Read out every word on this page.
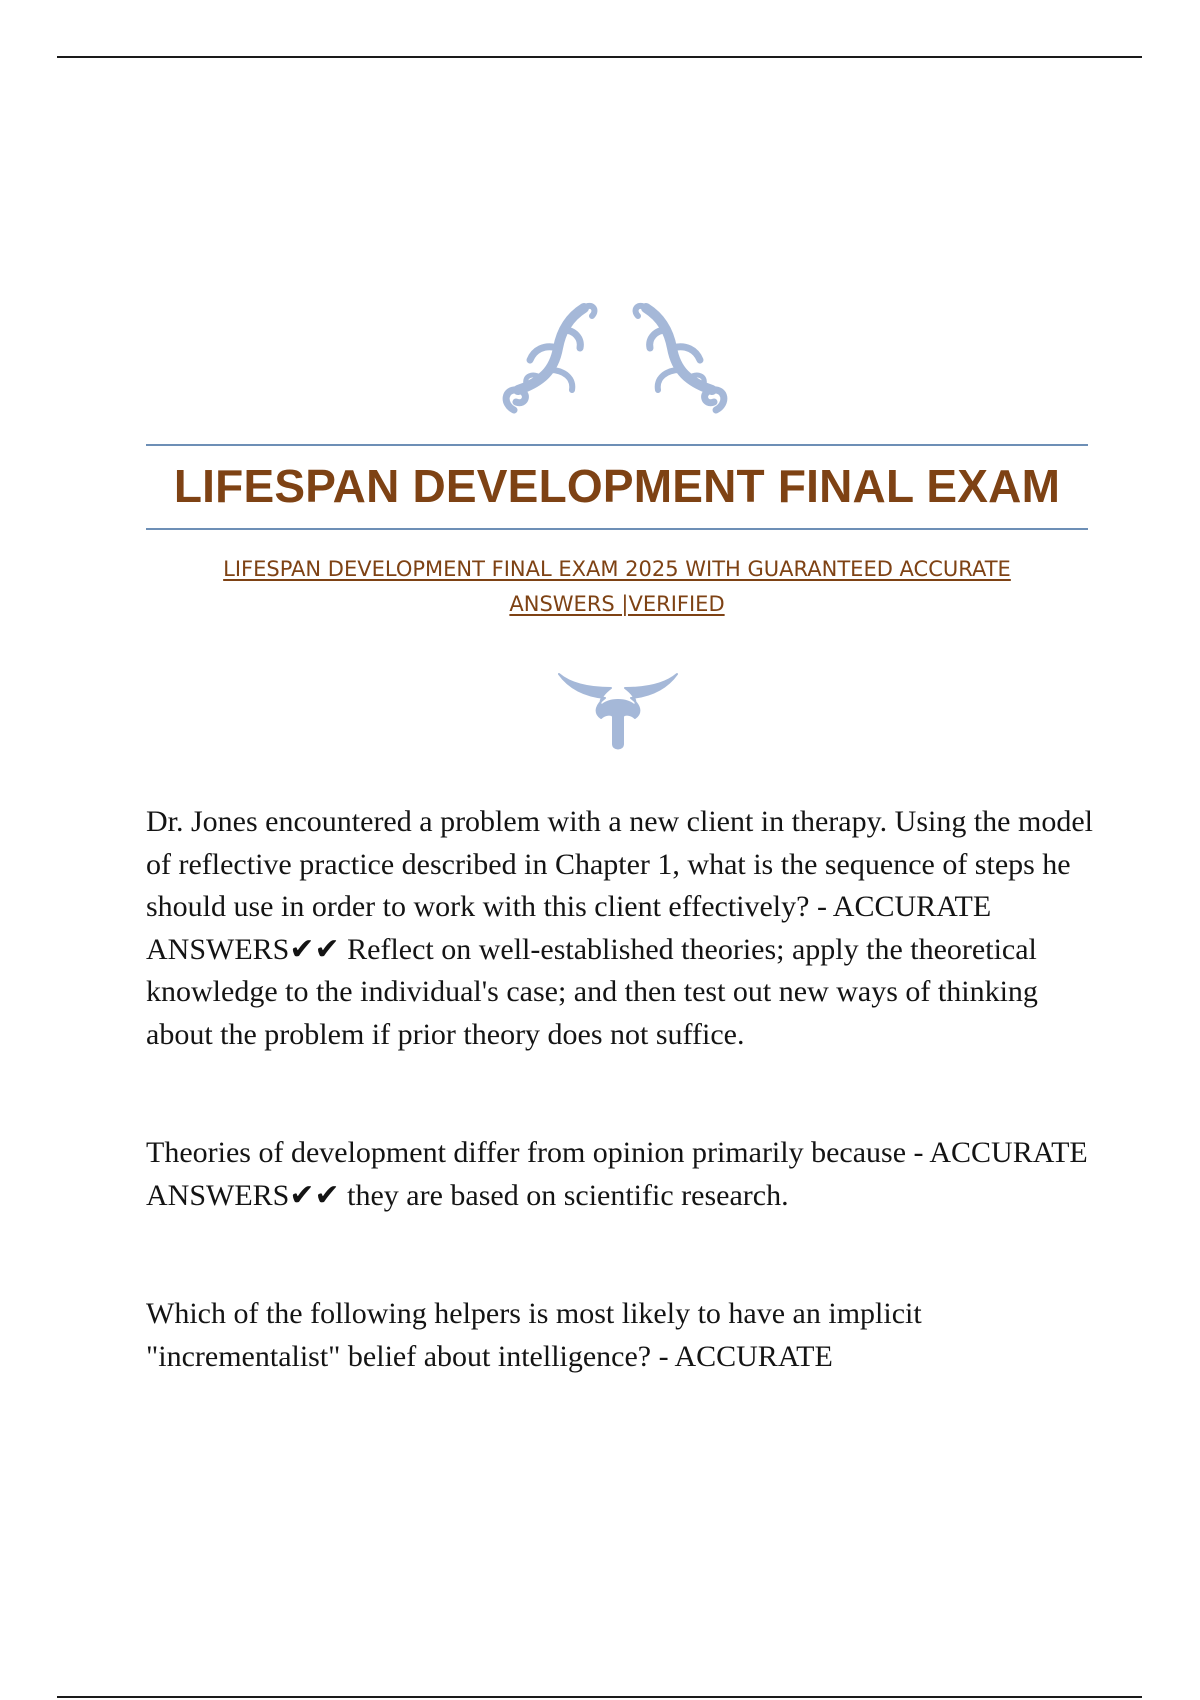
LIFESPAN DEVELOPMENT FINAL EXAM

LIFESPAN DEVELOPMENT FINAL EXAM 2025 WITH GUARANTEED ACCURATE
ANSWERS |VERIFIED

Dr. Jones encountered a problem with a new client in therapy. Using the model of reflective practice described in Chapter 1, what is the sequence of steps he should use in order to work with this client effectively? - ACCURATE ANSWERS✔✔ Reflect on well-established theories; apply the theoretical knowledge to the individual's case; and then test out new ways of thinking about the problem if prior theory does not suffice.

Theories of development differ from opinion primarily because - ACCURATE ANSWERS✔✔ they are based on scientific research.

Which of the following helpers is most likely to have an implicit "incrementalist" belief about intelligence? - ACCURATE
